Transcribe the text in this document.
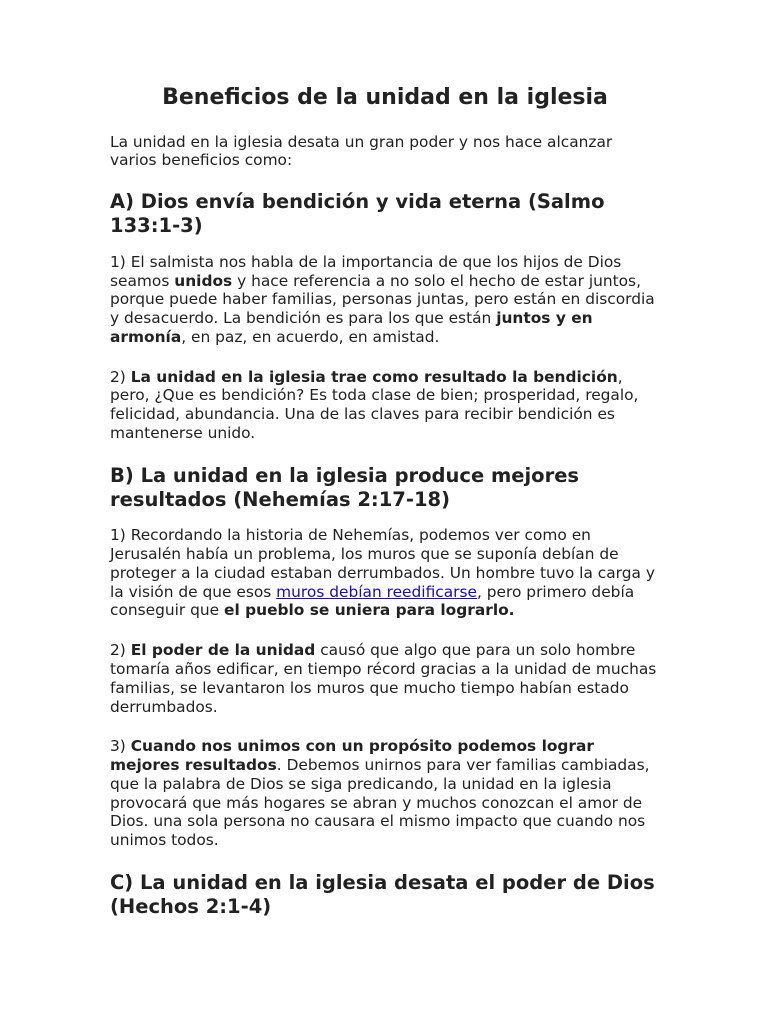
Beneficios de la unidad en la iglesia

La unidad en la iglesia desata un gran poder y nos hace alcanzar varios beneficios como:

A) Dios envía bendición y vida eterna (Salmo 133:1-3)

1) El salmista nos habla de la importancia de que los hijos de Dios seamos unidos y hace referencia a no solo el hecho de estar juntos, porque puede haber familias, personas juntas, pero están en discordia y desacuerdo. La bendición es para los que están juntos y en armonía, en paz, en acuerdo, en amistad.

2) La unidad en la iglesia trae como resultado la bendición, pero, ¿Que es bendición? Es toda clase de bien; prosperidad, regalo, felicidad, abundancia. Una de las claves para recibir bendición es mantenerse unido.

B) La unidad en la iglesia produce mejores resultados (Nehemías 2:17-18)

1) Recordando la historia de Nehemías, podemos ver como en Jerusalén había un problema, los muros que se suponía debían de proteger a la ciudad estaban derrumbados. Un hombre tuvo la carga y la visión de que esos muros debían reedificarse, pero primero debía conseguir que el pueblo se uniera para lograrlo.

2) El poder de la unidad causó que algo que para un solo hombre tomaría años edificar, en tiempo récord gracias a la unidad de muchas familias, se levantaron los muros que mucho tiempo habían estado derrumbados.

3) Cuando nos unimos con un propósito podemos lograr mejores resultados. Debemos unirnos para ver familias cambiadas, que la palabra de Dios se siga predicando, la unidad en la iglesia provocará que más hogares se abran y muchos conozcan el amor de Dios. una sola persona no causara el mismo impacto que cuando nos unimos todos.

C) La unidad en la iglesia desata el poder de Dios (Hechos 2:1-4)
